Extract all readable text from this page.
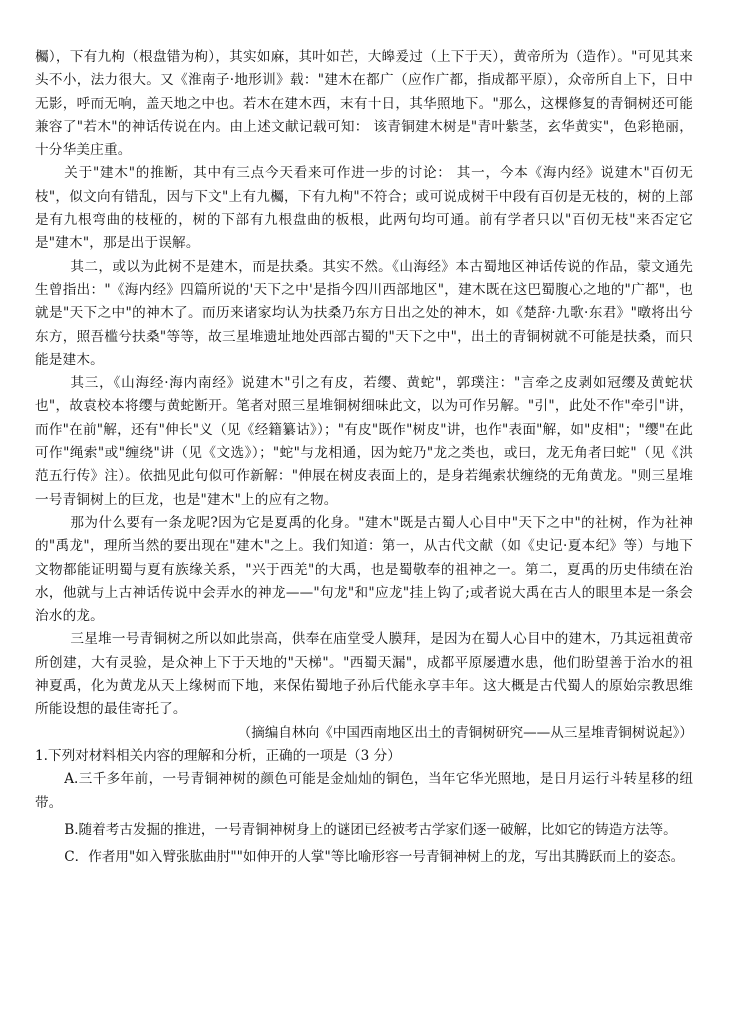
欘），下有九枸（根盘错为枸），其实如麻，其叶如芒，大皞爰过（上下于天），黄帝所为（造作）。"可见其来头不小，法力很大。又《淮南子·地形训》载："建木在都广（应作广都，指成都平原），众帝所自上下，日中无影，呼而无响，盖天地之中也。若木在建木西，末有十日，其华照地下。"那么，这棵修复的青铜树还可能兼容了"若木"的神话传说在内。由上述文献记载可知： 该青铜建木树是"青叶紫茎，玄华黄实"，色彩艳丽，十分华美庄重。

关于"建木"的推断，其中有三点今天看来可作进一步的讨论： 其一，今本《海内经》说建木"百仞无枝"，似文向有错乱，因与下文"上有九欘，下有九枸"不符合；或可说成树干中段有百仞是无枝的，树的上部是有九根弯曲的枝桠的，树的下部有九根盘曲的板根，此两句均可通。前有学者只以"百仞无枝"来否定它是"建木"，那是出于误解。

其二，或以为此树不是建木，而是扶桑。其实不然。《山海经》本古蜀地区神话传说的作品，蒙文通先生曾指出："《海内经》四篇所说的'天下之中'是指今四川西部地区"，建木既在这巴蜀腹心之地的"广都"，也就是"天下之中"的神木了。而历来诸家均认为扶桑乃东方日出之处的神木，如《楚辞·九歌·东君》"暾将出兮东方，照吾槛兮扶桑"等等，故三星堆遗址地处西部古蜀的"天下之中"，出土的青铜树就不可能是扶桑，而只能是建木。

其三，《山海经·海内南经》说建木"引之有皮，若缨、黄蛇"，郭璞注："言牵之皮剥如冠缨及黄蛇状也"，故袁校本将缨与黄蛇断开。笔者对照三星堆铜树细味此文，以为可作另解。"引"，此处不作"牵引"讲，而作"在前"解，还有"伸长"义（见《经籍纂诂》）；"有皮"既作"树皮"讲，也作"表面"解，如"皮相"；"缨"在此可作"绳索"或"缠绕"讲（见《文选》）；"蛇"与龙相通，因为蛇乃"龙之类也，或曰，龙无角者曰蛇"（见《洪范五行传》注）。依拙见此句似可作新解："伸展在树皮表面上的，是身若绳索状缠绕的无角黄龙。"则三星堆一号青铜树上的巨龙，也是"建木"上的应有之物。

那为什么要有一条龙呢?因为它是夏禹的化身。"建木"既是古蜀人心目中"天下之中"的社树，作为社神的"禹龙"，理所当然的要出现在"建木"之上。我们知道：第一，从古代文献（如《史记·夏本纪》等）与地下文物都能证明蜀与夏有族缘关系，"兴于西羌"的大禹，也是蜀敬奉的祖神之一。第二，夏禹的历史伟绩在治水，他就与上古神话传说中会弄水的神龙——"句龙"和"应龙"挂上钩了;或者说大禹在古人的眼里本是一条会治水的龙。

三星堆一号青铜树之所以如此崇高，供奉在庙堂受人膜拜，是因为在蜀人心目中的建木，乃其远祖黄帝所创建，大有灵验，是众神上下于天地的"天梯"。"西蜀天漏"，成都平原屡遭水患，他们盼望善于治水的祖神夏禹，化为黄龙从天上缘树而下地，来保佑蜀地子孙后代能永享丰年。这大概是古代蜀人的原始宗教思维所能设想的最佳寄托了。

（摘编自林向《中国西南地区出土的青铜树研究——从三星堆青铜树说起》）

1.下列对材料相关内容的理解和分析，正确的一项是（3 分）

A.三千多年前，一号青铜神树的颜色可能是金灿灿的铜色，当年它华光照地，是日月运行斗转星移的纽带。

B.随着考古发掘的推进，一号青铜神树身上的谜团已经被考古学家们逐一破解，比如它的铸造方法等。

C．作者用"如入臂张肱曲肘""如伸开的人掌"等比喻形容一号青铜神树上的龙，写出其腾跃而上的姿态。
